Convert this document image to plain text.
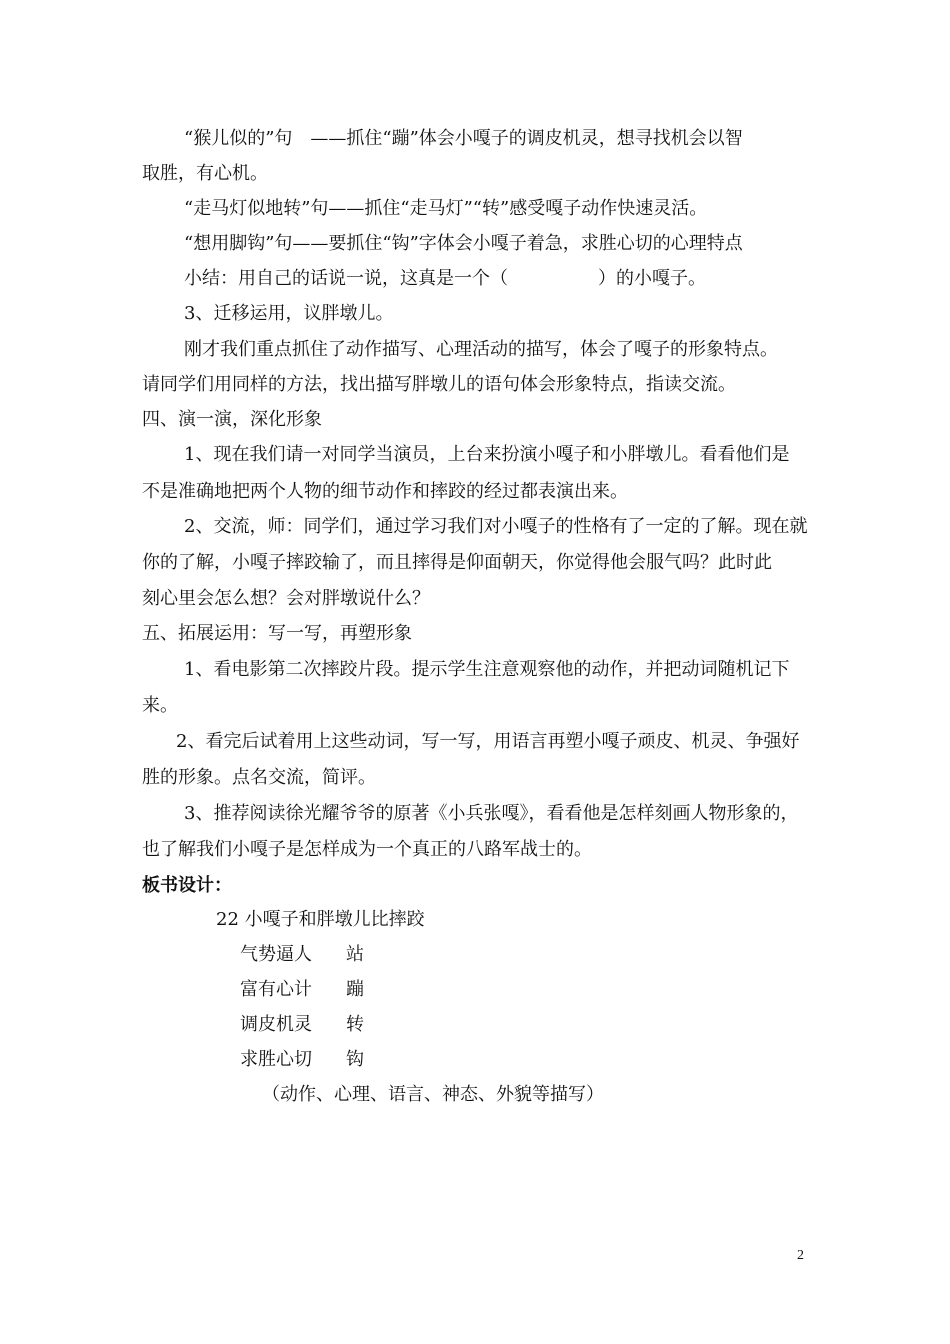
“猴儿似的”句　——抓住“蹦”体会小嘎子的调皮机灵，想寻找机会以智
取胜，有心机。
“走马灯似地转”句——抓住“走马灯”“转”感受嘎子动作快速灵活。
“想用脚钩”句——要抓住“钩”字体会小嘎子着急，求胜心切的心理特点
小结：用自己的话说一说，这真是一个（　　　　　）的小嘎子。
3、迁移运用，议胖墩儿。
刚才我们重点抓住了动作描写、心理活动的描写，体会了嘎子的形象特点。
请同学们用同样的方法，找出描写胖墩儿的语句体会形象特点，指读交流。
四、演一演，深化形象
1、现在我们请一对同学当演员，上台来扮演小嘎子和小胖墩儿。看看他们是
不是准确地把两个人物的细节动作和摔跤的经过都表演出来。
2、交流，师：同学们，通过学习我们对小嘎子的性格有了一定的了解。现在就
你的了解，小嘎子摔跤输了，而且摔得是仰面朝天，你觉得他会服气吗？此时此
刻心里会怎么想？会对胖墩说什么？
五、拓展运用：写一写，再塑形象
1、看电影第二次摔跤片段。提示学生注意观察他的动作，并把动词随机记下
来。
2、看完后试着用上这些动词，写一写，用语言再塑小嘎子顽皮、机灵、争强好
胜的形象。点名交流，简评。
3、推荐阅读徐光耀爷爷的原著《小兵张嘎》，看看他是怎样刻画人物形象的，
也了解我们小嘎子是怎样成为一个真正的八路军战士的。
板书设计：
22 小嘎子和胖墩儿比摔跤
气势逼人 站
富有心计 蹦
调皮机灵 转
求胜心切 钩
（动作、心理、语言、神态、外貌等描写）
2
